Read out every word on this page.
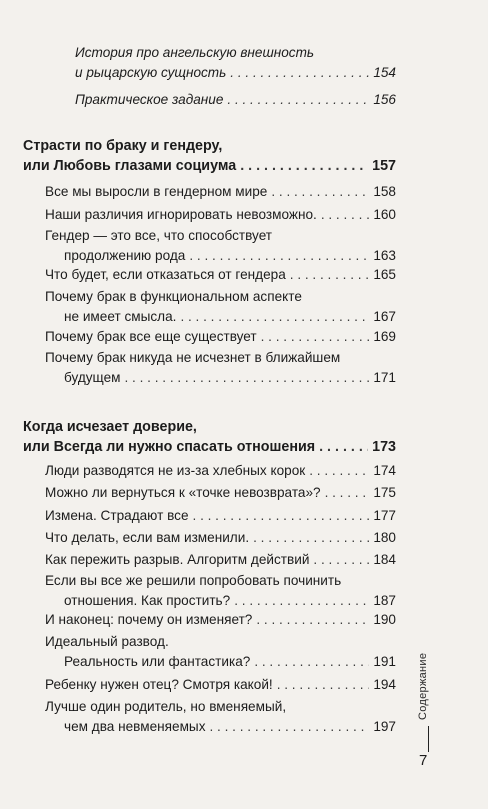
История про ангельскую внешность
и рыцарскую сущность . . .	154
Практическое задание . . .	156
Страсти по браку и гендеру,
или Любовь глазами социума . . .	157
Все мы выросли в гендерном мире . . .	158
Наши различия игнорировать невозможно. . . .	160
Гендер — это все, что способствует
продолжению рода . . .	163
Что будет, если отказаться от гендера . . .	165
Почему брак в функциональном аспекте
не имеет смысла. . . .	167
Почему брак все еще существует . . .	169
Почему брак никуда не исчезнет в ближайшем
будущем . . .	171
Когда исчезает доверие,
или Всегда ли нужно спасать отношения . . .	173
Люди разводятся не из-за хлебных корок . . .	174
Можно ли вернуться к «точке невозврата»? . . .	175
Измена. Страдают все . . .	177
Что делать, если вам изменили. . . .	180
Как пережить разрыв. Алгоритм действий . . .	184
Если вы все же решили попробовать починить
отношения. Как простить? . . .	187
И наконец: почему он изменяет? . . .	190
Идеальный развод.
Реальность или фантастика? . . .	191
Ребенку нужен отец? Смотря какой! . . .	194
Лучше один родитель, но вменяемый,
чем два невменяемых . . .	197
Содержание
7
